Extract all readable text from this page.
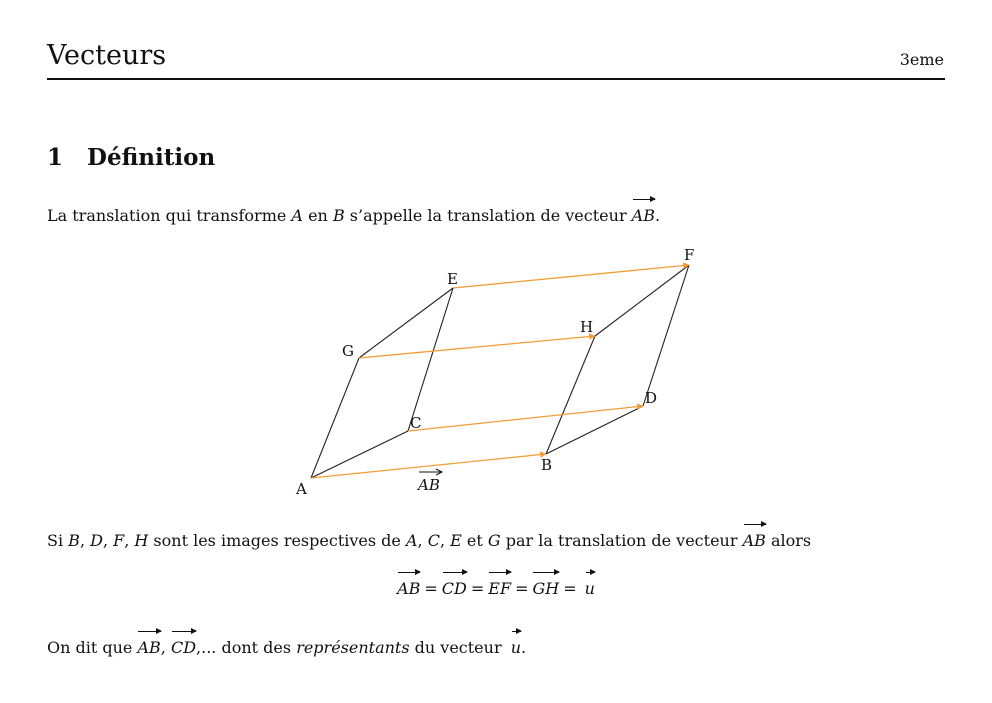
Vecteurs	3eme
1 Définition
La translation qui transforme A en B s’appelle la translation de vecteur AB.
A
B
C
D
E
F
G
H
AB
Si B, D, F, H sont les images respectives de A, C, E et G par la translation de vecteur AB alors
AB = CD = EF = GH = u
On dit que AB, CD,... dont des représentants du vecteur u.
